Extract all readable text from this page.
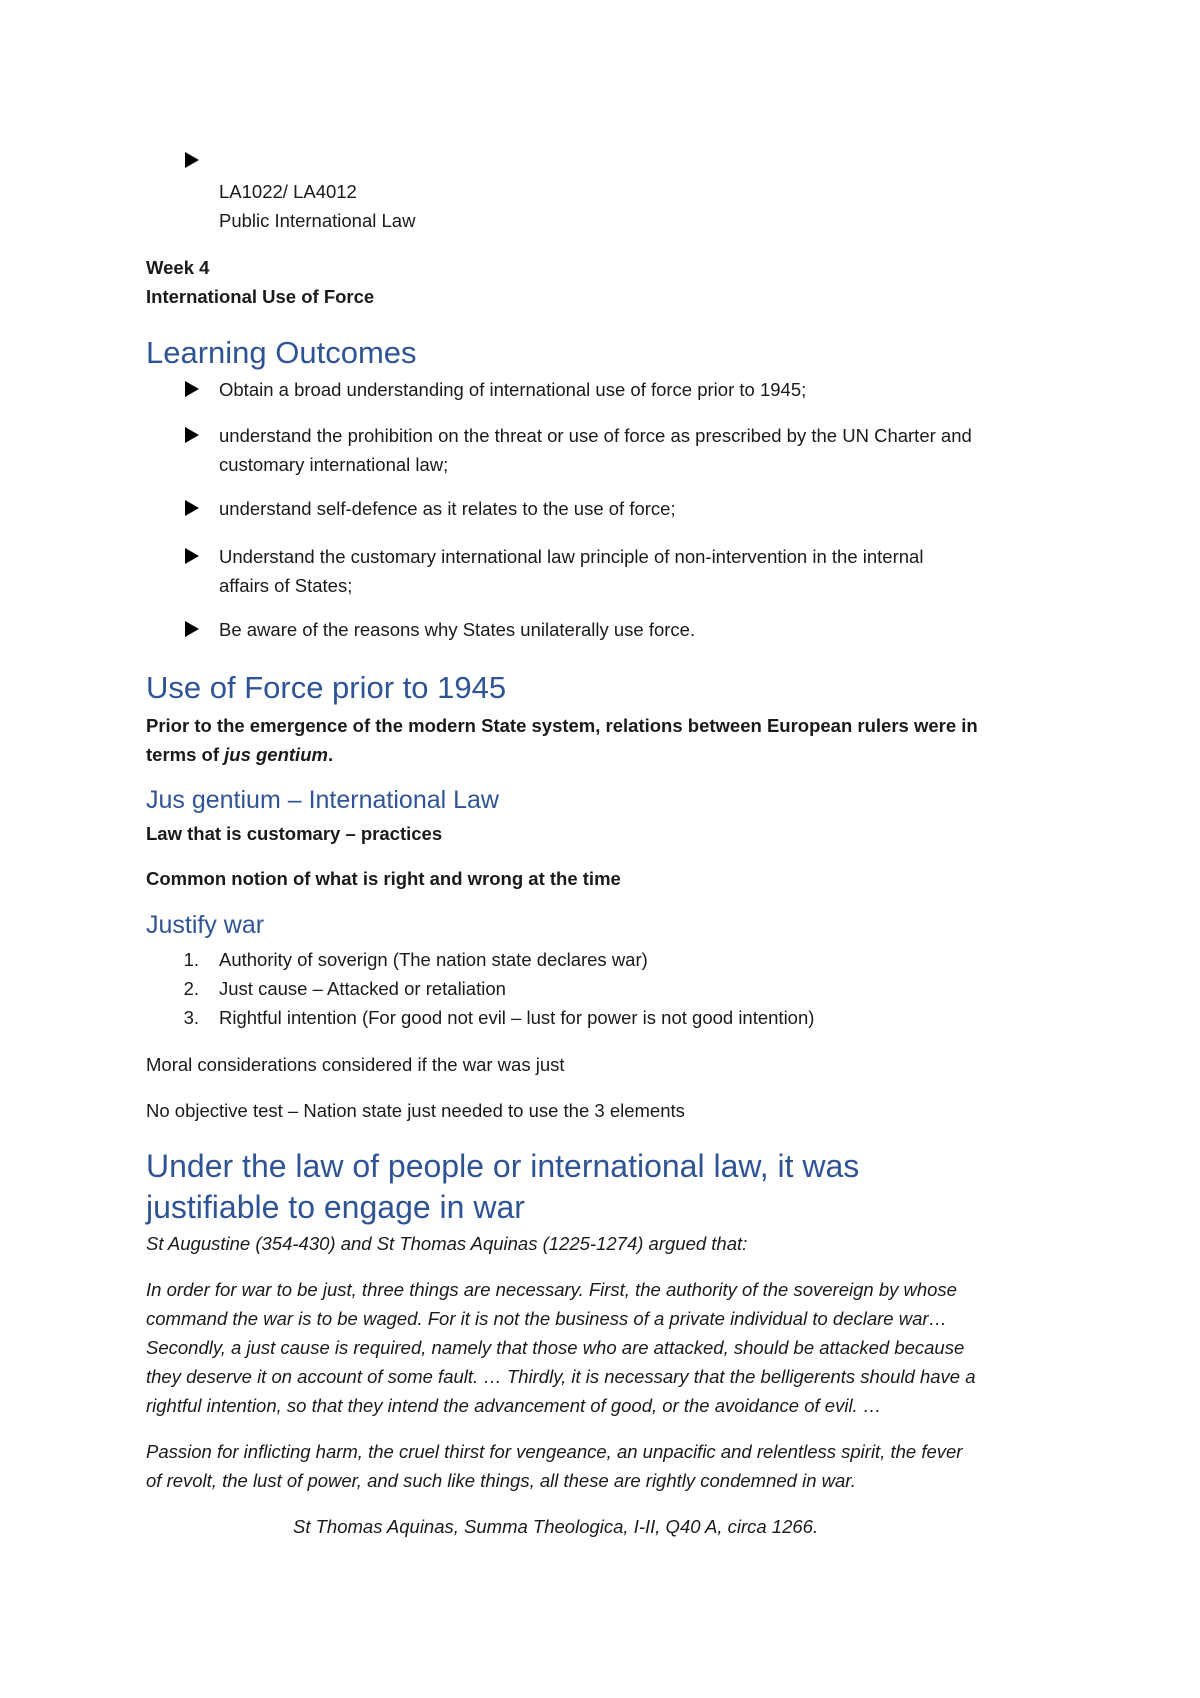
LA1022/ LA4012
Public International Law
Week 4
International Use of Force
Learning Outcomes
Obtain a broad understanding of international use of force prior to 1945;
understand the prohibition on the threat or use of force as prescribed by the UN Charter and
customary international law;
understand self-defence as it relates to the use of force;
Understand the customary international law principle of non-intervention in the internal
affairs of States;
Be aware of the reasons why States unilaterally use force.
Use of Force prior to 1945
Prior to the emergence of the modern State system, relations between European rulers were in
terms of jus gentium.
Jus gentium – International Law
Law that is customary – practices
Common notion of what is right and wrong at the time
Justify war
1. Authority of soverign (The nation state declares war)
2. Just cause – Attacked or retaliation
3. Rightful intention (For good not evil – lust for power is not good intention)
Moral considerations considered if the war was just
No objective test – Nation state just needed to use the 3 elements
Under the law of people or international law, it was
justifiable to engage in war
St Augustine (354-430) and St Thomas Aquinas (1225-1274) argued that:
In order for war to be just, three things are necessary. First, the authority of the sovereign by whose
command the war is to be waged. For it is not the business of a private individual to declare war…
Secondly, a just cause is required, namely that those who are attacked, should be attacked because
they deserve it on account of some fault. … Thirdly, it is necessary that the belligerents should have a
rightful intention, so that they intend the advancement of good, or the avoidance of evil. …
Passion for inflicting harm, the cruel thirst for vengeance, an unpacific and relentless spirit, the fever
of revolt, the lust of power, and such like things, all these are rightly condemned in war.
St Thomas Aquinas, Summa Theologica, I-II, Q40 A, circa 1266.
